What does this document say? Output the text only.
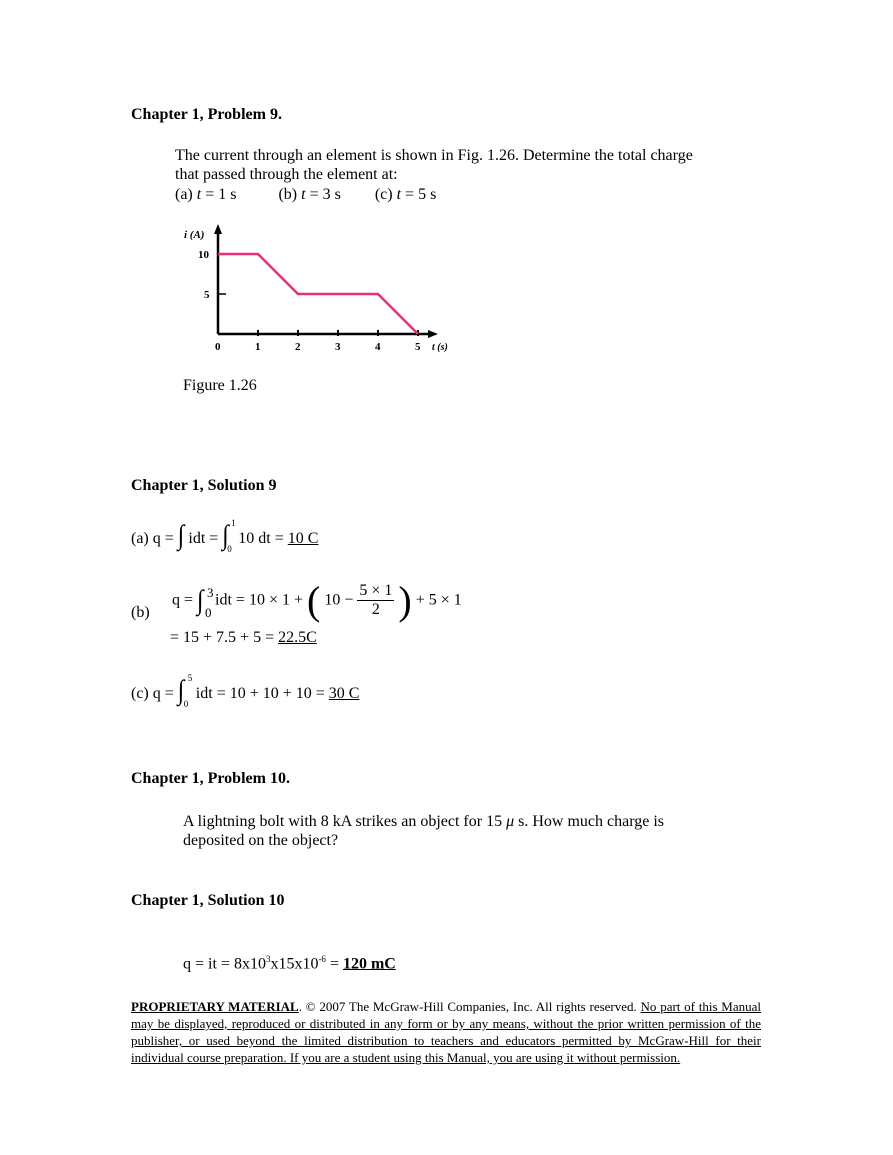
Chapter 1, Problem 9.
The current through an element is shown in Fig. 1.26. Determine the total charge
that passed through the element at:
(a) t = 1 s	(b) t = 3 s (c) t = 5 s
i (A)
t (s)
0	1	2	3	4	5
10
5
Figure 1.26
Chapter 1, Solution 9
(a) q = ∫ idt = ∫ 1
0
10 dt = 10 C
(b)
q = ∫ 3
0
idt = 10 × 1 + ( $10 - \frac{5 \times 1}{2}$ ) + 5 × 1
= 15 + 7.5 + 5 = 22.5C
(c) q = ∫ 5
0
idt = 10 + 10 + 10 = 30 C
Chapter 1, Problem 10.
A lightning bolt with 8 kA strikes an object for 15 μ s. How much charge is
deposited on the object?
Chapter 1, Solution 10
q = it = $8x10^3x15x10^{-6} = 120$ mC
PROPRIETARY MATERIAL. © 2007 The McGraw-Hill Companies, Inc. All rights reserved. No part of this Manual may be displayed, reproduced or distributed in any form or by any means, without the prior written permission of the publisher, or used beyond the limited distribution to teachers and educators permitted by McGraw-Hill for their individual course preparation. If you are a student using this Manual, you are using it without permission.
